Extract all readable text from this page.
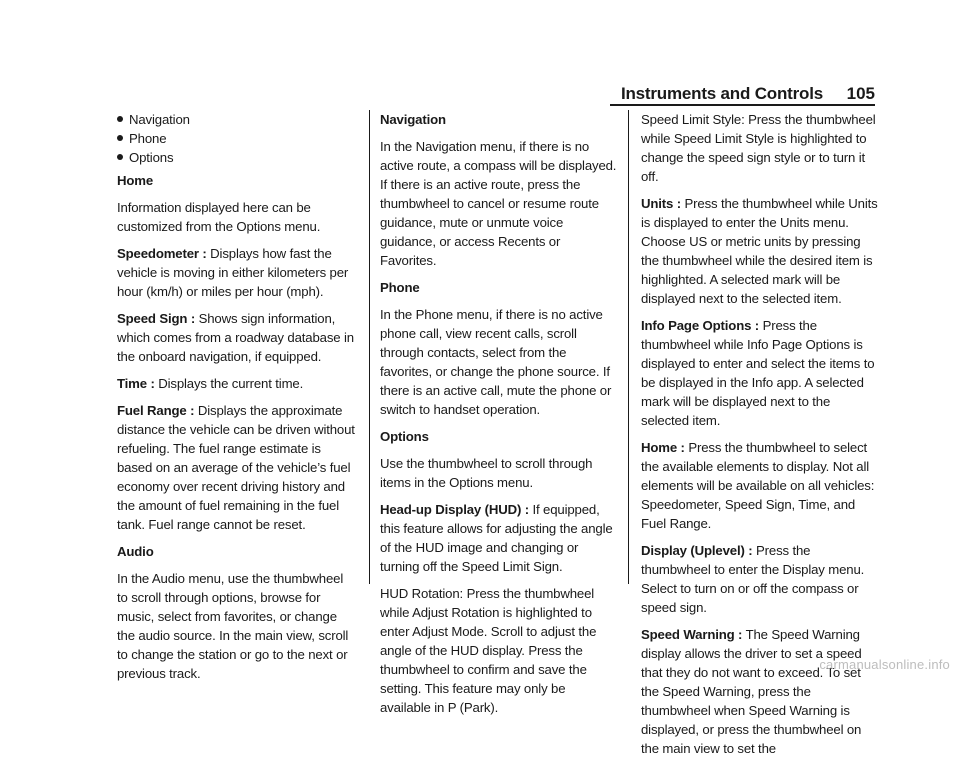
Instruments and Controls 105
Navigation
Phone
Options

Home

Information displayed here can be customized from the Options menu.

Speedometer : Displays how fast the vehicle is moving in either kilometers per hour (km/h) or miles per hour (mph).

Speed Sign : Shows sign information, which comes from a roadway database in the onboard navigation, if equipped.

Time : Displays the current time.

Fuel Range : Displays the approximate distance the vehicle can be driven without refueling. The fuel range estimate is based on an average of the vehicle’s fuel economy over recent driving history and the amount of fuel remaining in the fuel tank. Fuel range cannot be reset.

Audio

In the Audio menu, use the thumbwheel to scroll through options, browse for music, select from favorites, or change the audio source. In the main view, scroll to change the station or go to the next or previous track.

Navigation

In the Navigation menu, if there is no active route, a compass will be displayed. If there is an active route, press the thumbwheel to cancel or resume route guidance, mute or unmute voice guidance, or access Recents or Favorites.

Phone

In the Phone menu, if there is no active phone call, view recent calls, scroll through contacts, select from the favorites, or change the phone source. If there is an active call, mute the phone or switch to handset operation.

Options

Use the thumbwheel to scroll through items in the Options menu.

Head-up Display (HUD) : If equipped, this feature allows for adjusting the angle of the HUD image and changing or turning off the Speed Limit Sign.

HUD Rotation: Press the thumbwheel while Adjust Rotation is highlighted to enter Adjust Mode. Scroll to adjust the angle of the HUD display. Press the thumbwheel to confirm and save the setting. This feature may only be available in P (Park).

Speed Limit Style: Press the thumbwheel while Speed Limit Style is highlighted to change the speed sign style or to turn it off.

Units : Press the thumbwheel while Units is displayed to enter the Units menu. Choose US or metric units by pressing the thumbwheel while the desired item is highlighted. A selected mark will be displayed next to the selected item.

Info Page Options : Press the thumbwheel while Info Page Options is displayed to enter and select the items to be displayed in the Info app. A selected mark will be displayed next to the selected item.

Home : Press the thumbwheel to select the available elements to display. Not all elements will be available on all vehicles: Speedometer, Speed Sign, Time, and Fuel Range.

Display (Uplevel) : Press the thumbwheel to enter the Display menu. Select to turn on or off the compass or speed sign.

Speed Warning : The Speed Warning display allows the driver to set a speed that they do not want to exceed. To set the Speed Warning, press the thumbwheel when Speed Warning is displayed, or press the thumbwheel on the main view to set the

carmanualsonline.info
